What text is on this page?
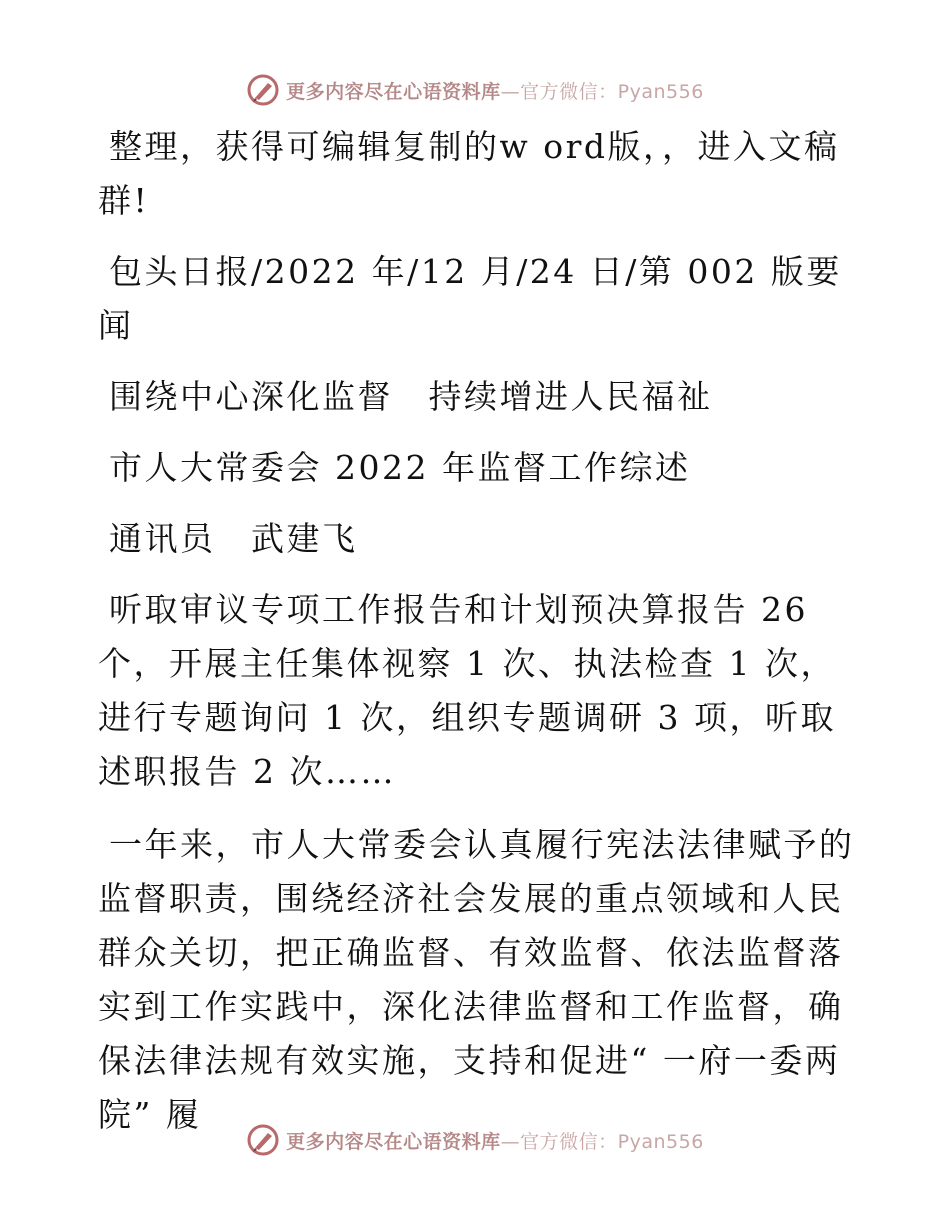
更多内容尽在心语资料库—官方微信：Pyan556

整理，获得可编辑复制的w ord版，，进入文稿群!

包头日报/2022 年/12 月/24 日/第 002 版要闻

围绕中心深化监督　持续增进人民福祉

市人大常委会 2022 年监督工作综述

通讯员　武建飞

听取审议专项工作报告和计划预决算报告 26 个，开展主任集体视察 1 次、执法检查 1 次，进行专题询问 1 次，组织专题调研 3 项，听取述职报告 2 次……

一年来，市人大常委会认真履行宪法法律赋予的监督职责，围绕经济社会发展的重点领域和人民群众关切，把正确监督、有效监督、依法监督落实到工作实践中，深化法律监督和工作监督，确保法律法规有效实施，支持和促进“ 一府一委两院” 履

更多内容尽在心语资料库—官方微信：Pyan556
